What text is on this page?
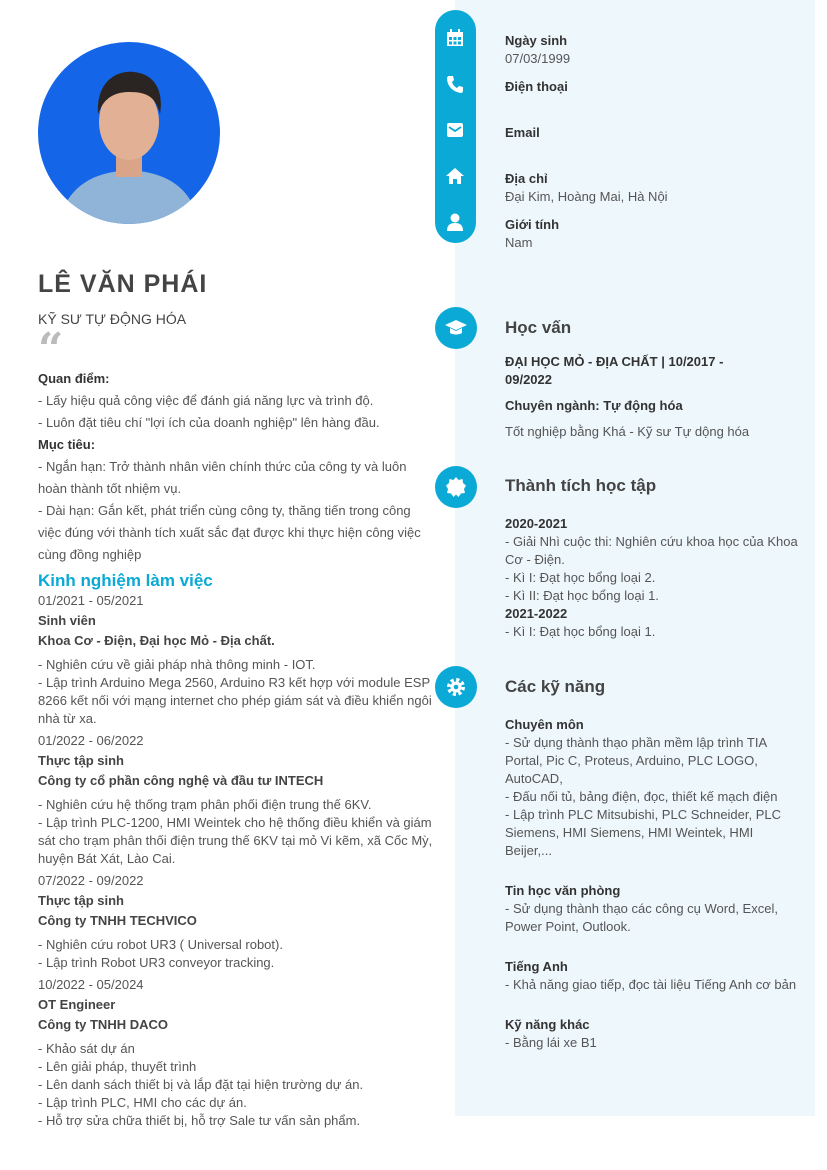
LÊ VĂN PHÁI
KỸ SƯ TỰ ĐỘNG HÓA
“

Quan điểm:

- Lấy hiệu quả công việc để đánh giá năng lực và trình độ.

- Luôn đặt tiêu chí "lợi ích của doanh nghiệp" lên hàng đầu.

Mục tiêu:

- Ngắn hạn: Trở thành nhân viên chính thức của công ty và luôn hoàn thành tốt nhiệm vụ.

- Dài hạn: Gắn kết, phát triển cùng công ty, thăng tiến trong công việc đúng với thành tích xuất sắc đạt được khi thực hiện công việc cùng đồng nghiệp

Kinh nghiệm làm việc
01/2021 - 05/2021
Sinh viên
Khoa Cơ - Điện, Đại học Mỏ - Địa chất.
- Nghiên cứu về giải pháp nhà thông minh - IOT.
- Lập trình Arduino Mega 2560, Arduino R3 kết hợp với module ESP 8266 kết nối với mạng internet cho phép giám sát và điều khiển ngôi nhà từ xa.
01/2022 - 06/2022
Thực tập sinh
Công ty cổ phần công nghệ và đầu tư INTECH
- Nghiên cứu hệ thống trạm phân phối điện trung thế 6KV.
- Lập trình PLC-1200, HMI Weintek cho hệ thống điều khiển và giám sát cho trạm phân thối điện trung thế 6KV tại mỏ Vi kẽm, xã Cốc Mỳ, huyện Bát Xát, Lào Cai.
07/2022 - 09/2022
Thực tập sinh
Công ty TNHH TECHVICO
- Nghiên cứu robot UR3 ( Universal robot).
- Lập trình Robot UR3 conveyor tracking.
10/2022 - 05/2024
OT Engineer
Công ty TNHH DACO
- Khảo sát dự án
- Lên giải pháp, thuyết trình
- Lên danh sách thiết bị và lắp đặt tại hiện trường dự án.
- Lập trình PLC, HMI cho các dự án.
- Hỗ trợ sửa chữa thiết bị, hỗ trợ Sale tư vấn sản phẩm.
Ngày sinh
07/03/1999
Điện thoại
Email
Địa chỉ
Đại Kim, Hoàng Mai, Hà Nội
Giới tính
Nam
Học vấn
ĐẠI HỌC MỎ - ĐỊA CHẤT | 10/2017 - 09/2022
Chuyên ngành: Tự động hóa
Tốt nghiệp bằng Khá - Kỹ sư Tự dộng hóa
Thành tích học tập
2020-2021
- Giải Nhì cuộc thi: Nghiên cứu khoa học của Khoa Cơ - Điện.
- Kì I: Đạt học bổng loại 2.
- Kì II: Đạt học bổng loại 1.
2021-2022
- Kì I: Đạt học bổng loại 1.
Các kỹ năng
Chuyên môn
- Sử dụng thành thạo phần mềm lập trình TIA Portal, Pic C, Proteus, Arduino, PLC LOGO, AutoCAD,
- Đấu nối tủ, bảng điện, đọc, thiết kế mạch điện
- Lập trình PLC Mitsubishi, PLC Schneider, PLC Siemens, HMI Siemens, HMI Weintek, HMI Beijer,...
Tin học văn phòng
- Sử dụng thành thạo các công cụ Word, Excel, Power Point, Outlook.
Tiếng Anh
- Khả năng giao tiếp, đọc tài liệu Tiếng Anh cơ bản
Kỹ năng khác
- Bằng lái xe B1
